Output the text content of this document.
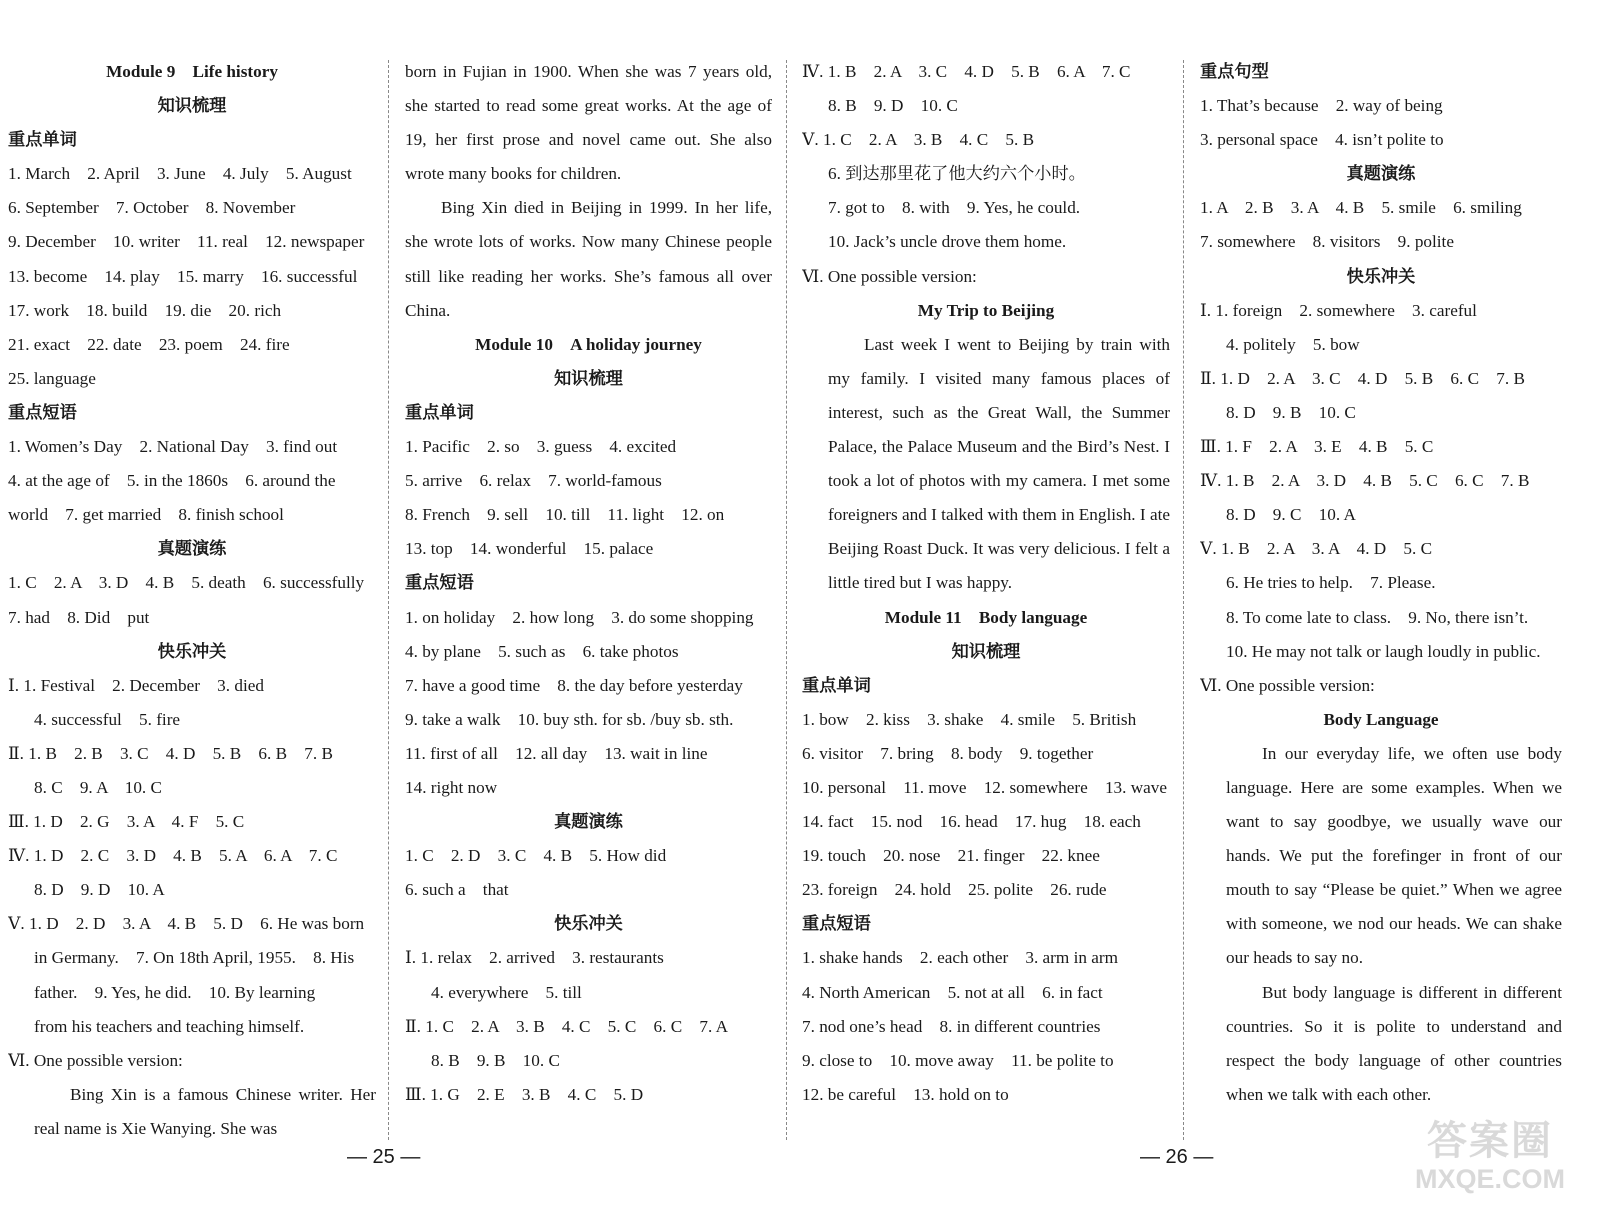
Module 9　Life history
知识梳理
重点单词
1. March　2. April　3. June　4. July　5. August
6. September　7. October　8. November
9. December　10. writer　11. real　12. newspaper
13. become　14. play　15. marry　16. successful
17. work　18. build　19. die　20. rich
21. exact　22. date　23. poem　24. fire
25. language
重点短语
1. Women’s Day　2. National Day　3. find out
4. at the age of　5. in the 1860s　6. around the
world　7. get married　8. finish school
真题演练
1. C　2. A　3. D　4. B　5. death　6. successfully
7. had　8. Did　put
快乐冲关
Ⅰ. 1. Festival　2. December　3. died
4. successful　5. fire
Ⅱ. 1. B　2. B　3. C　4. D　5. B　6. B　7. B
8. C　9. A　10. C
Ⅲ. 1. D　2. G　3. A　4. F　5. C
Ⅳ. 1. D　2. C　3. D　4. B　5. A　6. A　7. C
8. D　9. D　10. A
Ⅴ. 1. D　2. D　3. A　4. B　5. D　6. He was born
in Germany.　7. On 18th April, 1955.　8. His
father.　9. Yes, he did.　10. By learning
from his teachers and teaching himself.
Ⅵ. One possible version:
Bing Xin is a famous Chinese writer. Her real name is Xie Wanying. She was
born in Fujian in 1900. When she was 7 years old, she started to read some great works. At the age of 19, her first prose and novel came out. She also wrote many books for children.
Bing Xin died in Beijing in 1999. In her life, she wrote lots of works. Now many Chinese people still like reading her works. She’s famous all over China.
Module 10　A holiday journey
知识梳理
重点单词
1. Pacific　2. so　3. guess　4. excited
5. arrive　6. relax　7. world-famous
8. French　9. sell　10. till　11. light　12. on
13. top　14. wonderful　15. palace
重点短语
1. on holiday　2. how long　3. do some shopping
4. by plane　5. such as　6. take photos
7. have a good time　8. the day before yesterday
9. take a walk　10. buy sth. for sb. /buy sb. sth.
11. first of all　12. all day　13. wait in line
14. right now
真题演练
1. C　2. D　3. C　4. B　5. How did
6. such a　that
快乐冲关
Ⅰ. 1. relax　2. arrived　3. restaurants
4. everywhere　5. till
Ⅱ. 1. C　2. A　3. B　4. C　5. C　6. C　7. A
8. B　9. B　10. C
Ⅲ. 1. G　2. E　3. B　4. C　5. D
Ⅳ. 1. B　2. A　3. C　4. D　5. B　6. A　7. C
8. B　9. D　10. C
Ⅴ. 1. C　2. A　3. B　4. C　5. B
6. 到达那里花了他大约六个小时。
7. got to　8. with　9. Yes, he could.
10. Jack’s uncle drove them home.
Ⅵ. One possible version:
My Trip to Beijing
Last week I went to Beijing by train with my family. I visited many famous places of interest, such as the Great Wall, the Summer Palace, the Palace Museum and the Bird’s Nest. I took a lot of photos with my camera. I met some foreigners and I talked with them in English. I ate Beijing Roast Duck. It was very delicious. I felt a little tired but I was happy.
Module 11　Body language
知识梳理
重点单词
1. bow　2. kiss　3. shake　4. smile　5. British
6. visitor　7. bring　8. body　9. together
10. personal　11. move　12. somewhere　13. wave
14. fact　15. nod　16. head　17. hug　18. each
19. touch　20. nose　21. finger　22. knee
23. foreign　24. hold　25. polite　26. rude
重点短语
1. shake hands　2. each other　3. arm in arm
4. North American　5. not at all　6. in fact
7. nod one’s head　8. in different countries
9. close to　10. move away　11. be polite to
12. be careful　13. hold on to
重点句型
1. That’s because　2. way of being
3. personal space　4. isn’t polite to
真题演练
1. A　2. B　3. A　4. B　5. smile　6. smiling
7. somewhere　8. visitors　9. polite
快乐冲关
Ⅰ. 1. foreign　2. somewhere　3. careful
4. politely　5. bow
Ⅱ. 1. D　2. A　3. C　4. D　5. B　6. C　7. B
8. D　9. B　10. C
Ⅲ. 1. F　2. A　3. E　4. B　5. C
Ⅳ. 1. B　2. A　3. D　4. B　5. C　6. C　7. B
8. D　9. C　10. A
Ⅴ. 1. B　2. A　3. A　4. D　5. C
6. He tries to help.　7. Please.
8. To come late to class.　9. No, there isn’t.
10. He may not talk or laugh loudly in public.
Ⅵ. One possible version:
Body Language
In our everyday life, we often use body language. Here are some examples. When we want to say goodbye, we usually wave our hands. We put the forefinger in front of our mouth to say “Please be quiet.” When we agree with someone, we nod our heads. We can shake our heads to say no.
But body language is different in different countries. So it is polite to understand and respect the body language of other countries when we talk with each other.
— 25 —	— 26 —	答案圈
MXQE.COM
